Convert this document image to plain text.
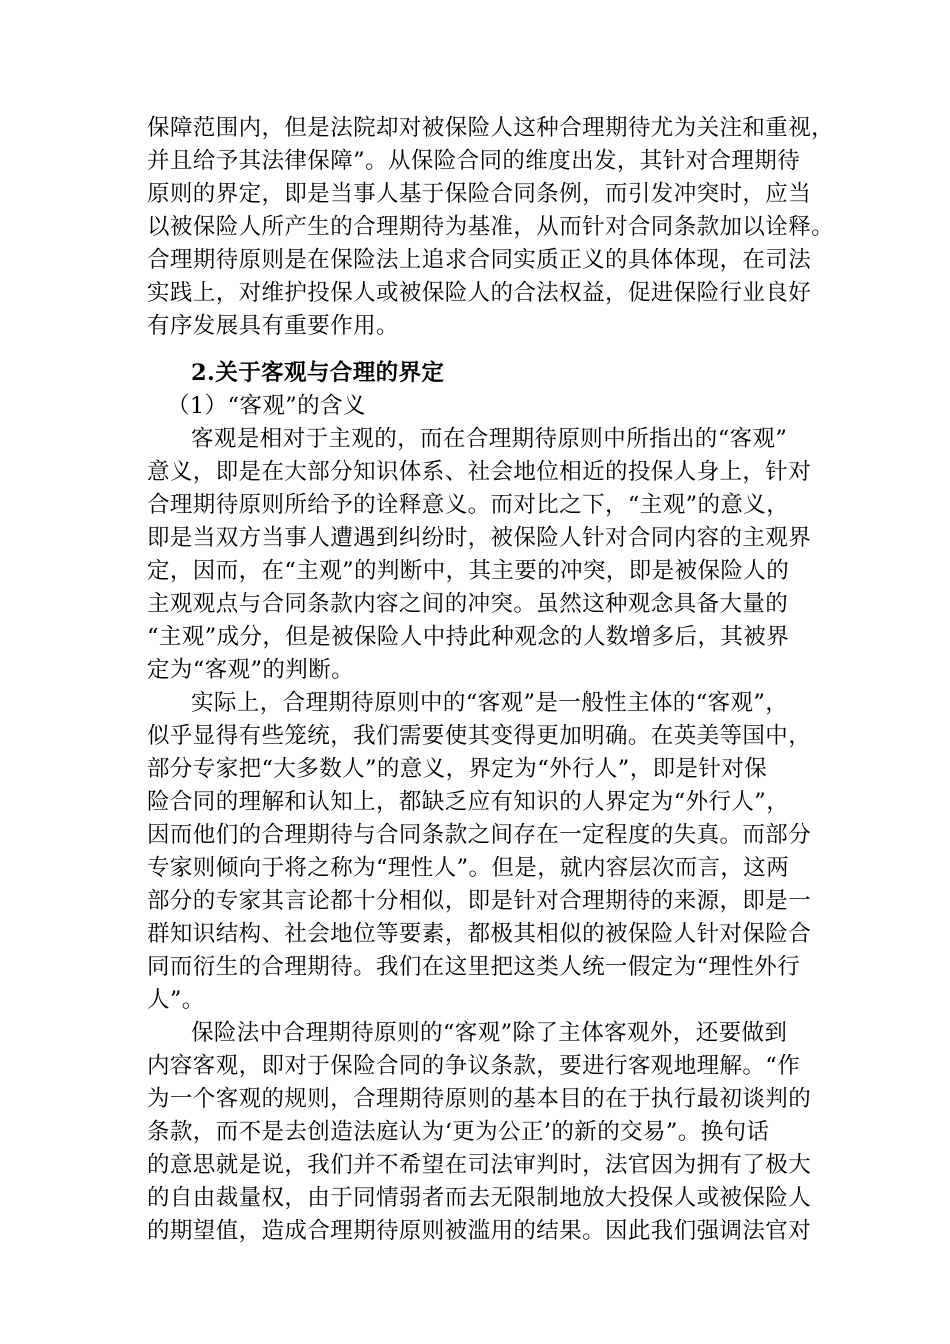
保障范围内，但是法院却对被保险人这种合理期待尤为关注和重视，
并且给予其法律保障”。从保险合同的维度出发，其针对合理期待
原则的界定，即是当事人基于保险合同条例，而引发冲突时，应当
以被保险人所产生的合理期待为基准，从而针对合同条款加以诠释。
合理期待原则是在保险法上追求合同实质正义的具体体现，在司法
实践上，对维护投保人或被保险人的合法权益，促进保险行业良好
有序发展具有重要作用。
2.关于客观与合理的界定
（1）“客观”的含义
客观是相对于主观的，而在合理期待原则中所指出的“客观”
意义，即是在大部分知识体系、社会地位相近的投保人身上，针对
合理期待原则所给予的诠释意义。而对比之下，“主观”的意义，
即是当双方当事人遭遇到纠纷时，被保险人针对合同内容的主观界
定，因而，在“主观”的判断中，其主要的冲突，即是被保险人的
主观观点与合同条款内容之间的冲突。虽然这种观念具备大量的
“主观”成分，但是被保险人中持此种观念的人数增多后，其被界
定为“客观”的判断。
实际上，合理期待原则中的“客观”是一般性主体的“客观”，
似乎显得有些笼统，我们需要使其变得更加明确。在英美等国中，
部分专家把“大多数人”的意义，界定为“外行人”，即是针对保
险合同的理解和认知上，都缺乏应有知识的人界定为“外行人”，
因而他们的合理期待与合同条款之间存在一定程度的失真。而部分
专家则倾向于将之称为“理性人”。但是，就内容层次而言，这两
部分的专家其言论都十分相似，即是针对合理期待的来源，即是一
群知识结构、社会地位等要素，都极其相似的被保险人针对保险合
同而衍生的合理期待。我们在这里把这类人统一假定为“理性外行
人”。
保险法中合理期待原则的“客观”除了主体客观外，还要做到
内容客观，即对于保险合同的争议条款，要进行客观地理解。“作
为一个客观的规则，合理期待原则的基本目的在于执行最初谈判的
条款，而不是去创造法庭认为‘更为公正’的新的交易”。换句话
的意思就是说，我们并不希望在司法审判时，法官因为拥有了极大
的自由裁量权，由于同情弱者而去无限制地放大投保人或被保险人
的期望值，造成合理期待原则被滥用的结果。因此我们强调法官对
